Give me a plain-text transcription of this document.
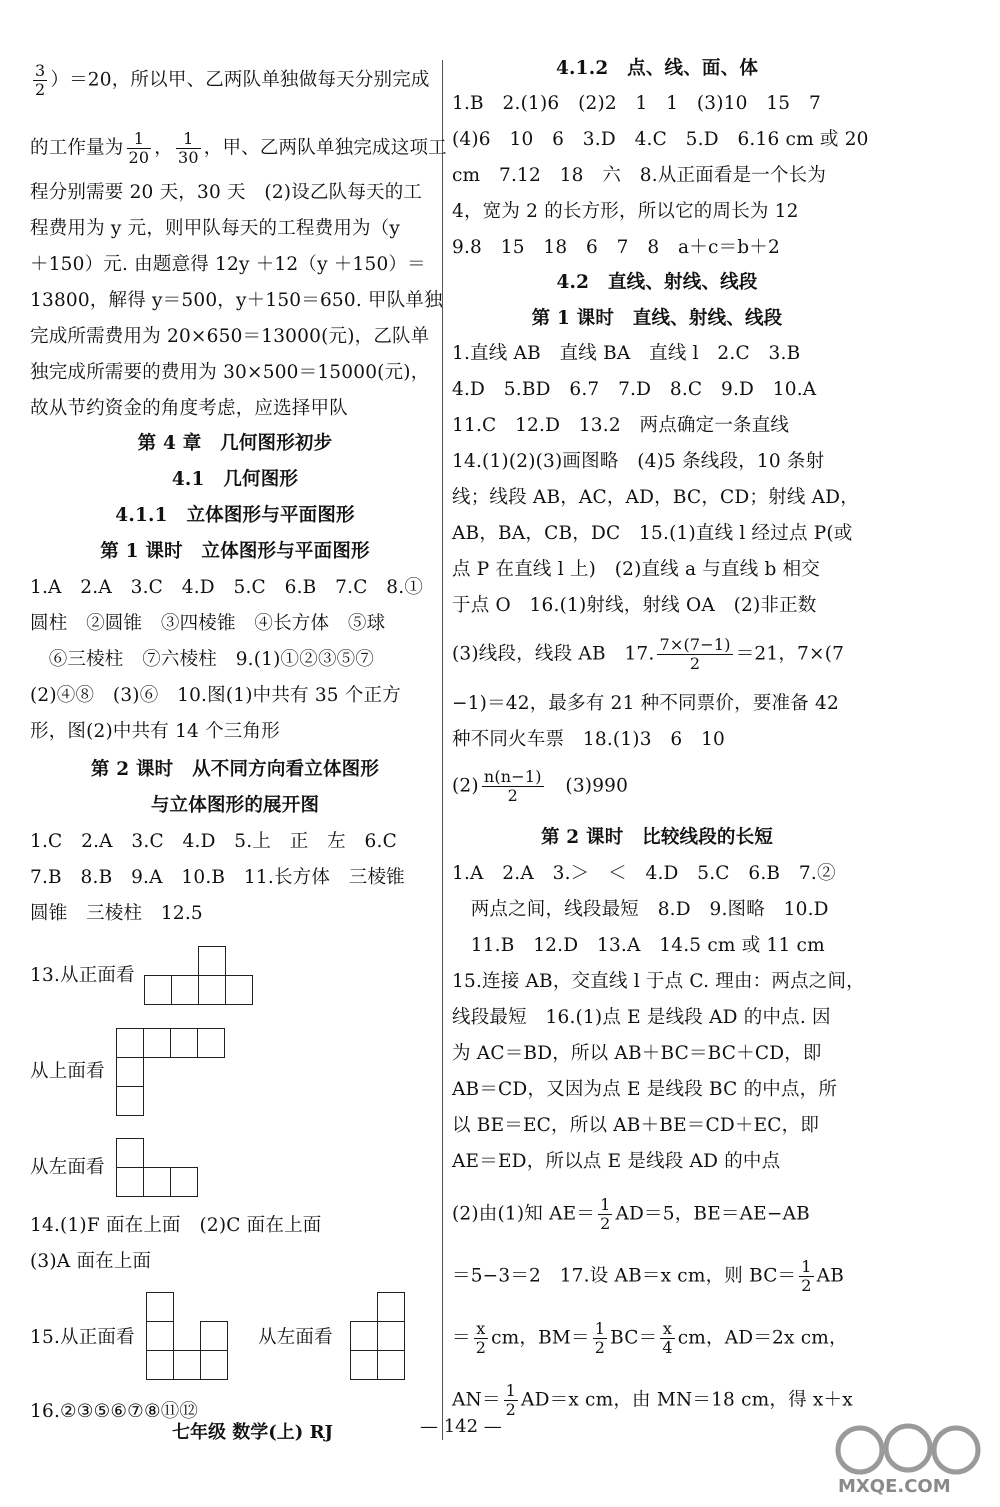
$\frac{3}{2} )=20$，所以甲、乙两队单独做每天分别完成
的工作量为 $\frac{1}{20}$ ， $\frac{1}{30}$ ，甲、乙两队单独完成这项工
程分别需要 20 天，30 天　(2)设乙队每天的工
程费用为 y 元，则甲队每天的工程费用为（y
＋150）元. 由题意得 12y ＋12（y ＋150）＝
13800，解得 y＝500，y＋150＝650. 甲队单独
完成所需费用为 20×650＝13000(元)，乙队单
独完成所需要的费用为 30×500＝15000(元)，
故从节约资金的角度考虑，应选择甲队
第 4 章　几何图形初步
4.1　几何图形
4.1.1　立体图形与平面图形
第 1 课时　立体图形与平面图形
1.A　2.A　3.C　4.D　5.C　6.B　7.C　8.①
圆柱　②圆锥　③四棱锥　④长方体　⑤球
　⑥三棱柱　⑦六棱柱　9.(1)①②③⑤⑦
(2)④⑧　(3)⑥　10.图(1)中共有 35 个正方
形，图(2)中共有 14 个三角形
第 2 课时　从不同方向看立体图形
与立体图形的展开图
1.C　2.A　3.C　4.D　5.上　正　左　6.C
7.B　8.B　9.A　10.B　11.长方体　三棱锥
圆锥　三棱柱　12.5
13.从正面看

从上面看

从左面看
14.(1)F 面在上面　(2)C 面在上面
(3)A 面在上面
15.从正面看

			从左面看

16.②③⑤⑥⑦⑧⑪⑫
4.1.2　点、线、面、体
1.B　2.(1)6　(2)2　1　1　(3)10　15　7
(4)6　10　6　3.D　4.C　5.D　6.16 cm 或 20
cm　7.12　18　六　8.从正面看是一个长为
4，宽为 2 的长方形，所以它的周长为 12
9.8　15　18　6　7　8　a＋c＝b＋2
4.2　直线、射线、线段
第 1 课时　直线、射线、线段
1.直线 AB　直线 BA　直线 l　2.C　3.B
4.D　5.BD　6.7　7.D　8.C　9.D　10.A
11.C　12.D　13.2　两点确定一条直线
14.(1)(2)(3)画图略　(4)5 条线段，10 条射
线；线段 AB，AC，AD，BC，CD；射线 AD，
AB，BA，CB，DC　15.(1)直线 l 经过点 P(或
点 P 在直线 l 上)　(2)直线 a 与直线 b 相交
于点 O　16.(1)射线，射线 OA　(2)非正数
(3)线段，线段 AB　17. $\frac{7\times(7-1)}{2} =21$，7×(7
−1)＝42，最多有 21 种不同票价，要准备 42
种不同火车票　18.(1)3　6　10
$(2) \frac{n(n-1)}{2}$ 　(3)990
第 2 课时　比较线段的长短
1.A　2.A　3.＞　＜　4.D　5.C　6.B　7.②
　两点之间，线段最短　8.D　9.图略　10.D
　11.B　12.D　13.A　14.5 cm 或 11 cm
15.连接 AB，交直线 l 于点 C. 理由：两点之间，
线段最短　16.(1)点 E 是线段 AD 的中点. 因
为 AC＝BD，所以 AB＋BC＝BC＋CD，即
AB＝CD，又因为点 E 是线段 BC 的中点，所
以 BE＝EC，所以 AB＋BE＝CD＋EC，即
AE＝ED，所以点 E 是线段 AD 的中点
(2)由(1)知 $AE= \frac{1}{2} AD=5$，BE＝AE−AB
＝5−3＝2　17.设 AB＝x cm，则 $BC= \frac{1}{2}$ AB
＝ $\frac{x}{2}$ cm，$BM= \frac{1}{2} BC= \frac{x}{4}$ cm，AD＝2x cm，
$AN= \frac{1}{2} AD=x$ cm，由 MN＝18 cm，得 x＋x
七年级 数学(上) RJ	— 142 —
MXQE.COM
